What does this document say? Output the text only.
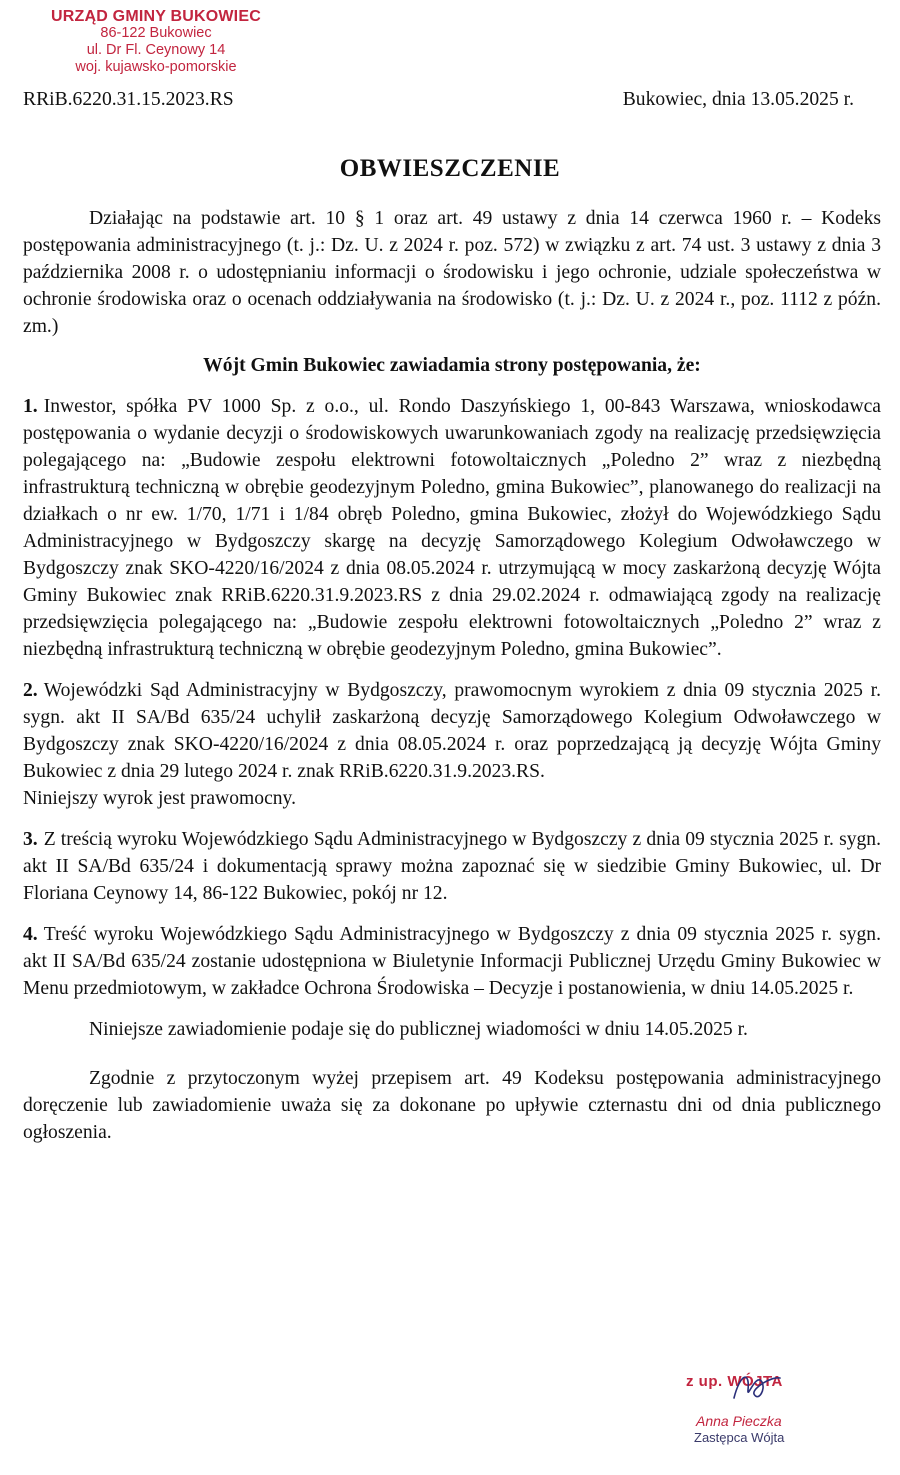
URZĄD GMINY BUKOWIEC
86-122 Bukowiec
ul. Dr Fl. Ceynowy 14
woj. kujawsko-pomorskie
RRiB.6220.31.15.2023.RS	Bukowiec, dnia 13.05.2025 r.
OBWIESZCZENIE

Działając na podstawie art. 10 § 1 oraz art. 49 ustawy z dnia 14 czerwca 1960 r. – Kodeks postępowania administracyjnego (t. j.: Dz. U. z 2024 r. poz. 572) w związku z art. 74 ust. 3 ustawy z dnia 3 października 2008 r. o udostępnianiu informacji o środowisku i jego ochronie, udziale społeczeństwa w ochronie środowiska oraz o ocenach oddziaływania na środowisko (t. j.: Dz. U. z 2024 r., poz. 1112 z późn. zm.)

Wójt Gmin Bukowiec zawiadamia strony postępowania, że:

1. Inwestor, spółka PV 1000 Sp. z o.o., ul. Rondo Daszyńskiego 1, 00-843 Warszawa, wnioskodawca postępowania o wydanie decyzji o środowiskowych uwarunkowaniach zgody na realizację przedsięwzięcia polegającego na: „Budowie zespołu elektrowni fotowoltaicznych „Poledno 2” wraz z niezbędną infrastrukturą techniczną w obrębie geodezyjnym Poledno, gmina Bukowiec”, planowanego do realizacji na działkach o nr ew. 1/70, 1/71 i 1/84 obręb Poledno, gmina Bukowiec, złożył do Wojewódzkiego Sądu Administracyjnego w Bydgoszczy skargę na decyzję Samorządowego Kolegium Odwoławczego w Bydgoszczy znak SKO-4220/16/2024 z dnia 08.05.2024 r. utrzymującą w mocy zaskarżoną decyzję Wójta Gminy Bukowiec znak RRiB.6220.31.9.2023.RS z dnia 29.02.2024 r. odmawiającą zgody na realizację przedsięwzięcia polegającego na: „Budowie zespołu elektrowni fotowoltaicznych „Poledno 2” wraz z niezbędną infrastrukturą techniczną w obrębie geodezyjnym Poledno, gmina Bukowiec”.

2. Wojewódzki Sąd Administracyjny w Bydgoszczy, prawomocnym wyrokiem z dnia 09 stycznia 2025 r. sygn. akt II SA/Bd 635/24 uchylił zaskarżoną decyzję Samorządowego Kolegium Odwoławczego w Bydgoszczy znak SKO-4220/16/2024 z dnia 08.05.2024 r. oraz poprzedzającą ją decyzję Wójta Gminy Bukowiec z dnia 29 lutego 2024 r. znak RRiB.6220.31.9.2023.RS.

Niniejszy wyrok jest prawomocny.

3. Z treścią wyroku Wojewódzkiego Sądu Administracyjnego w Bydgoszczy z dnia 09 stycznia 2025 r. sygn. akt II SA/Bd 635/24 i dokumentacją sprawy można zapoznać się w siedzibie Gminy Bukowiec, ul. Dr Floriana Ceynowy 14, 86-122 Bukowiec, pokój nr 12.

4. Treść wyroku Wojewódzkiego Sądu Administracyjnego w Bydgoszczy z dnia 09 stycznia 2025 r. sygn. akt II SA/Bd 635/24 zostanie udostępniona w Biuletynie Informacji Publicznej Urzędu Gminy Bukowiec w Menu przedmiotowym, w zakładce Ochrona Środowiska – Decyzje i postanowienia, w dniu 14.05.2025 r.

Niniejsze zawiadomienie podaje się do publicznej wiadomości w dniu 14.05.2025 r.

Zgodnie z przytoczonym wyżej przepisem art. 49 Kodeksu postępowania administracyjnego doręczenie lub zawiadomienie uważa się za dokonane po upływie czternastu dni od dnia publicznego ogłoszenia.

z up. WÓJTA
Anna Pieczka
Zastępca Wójta
